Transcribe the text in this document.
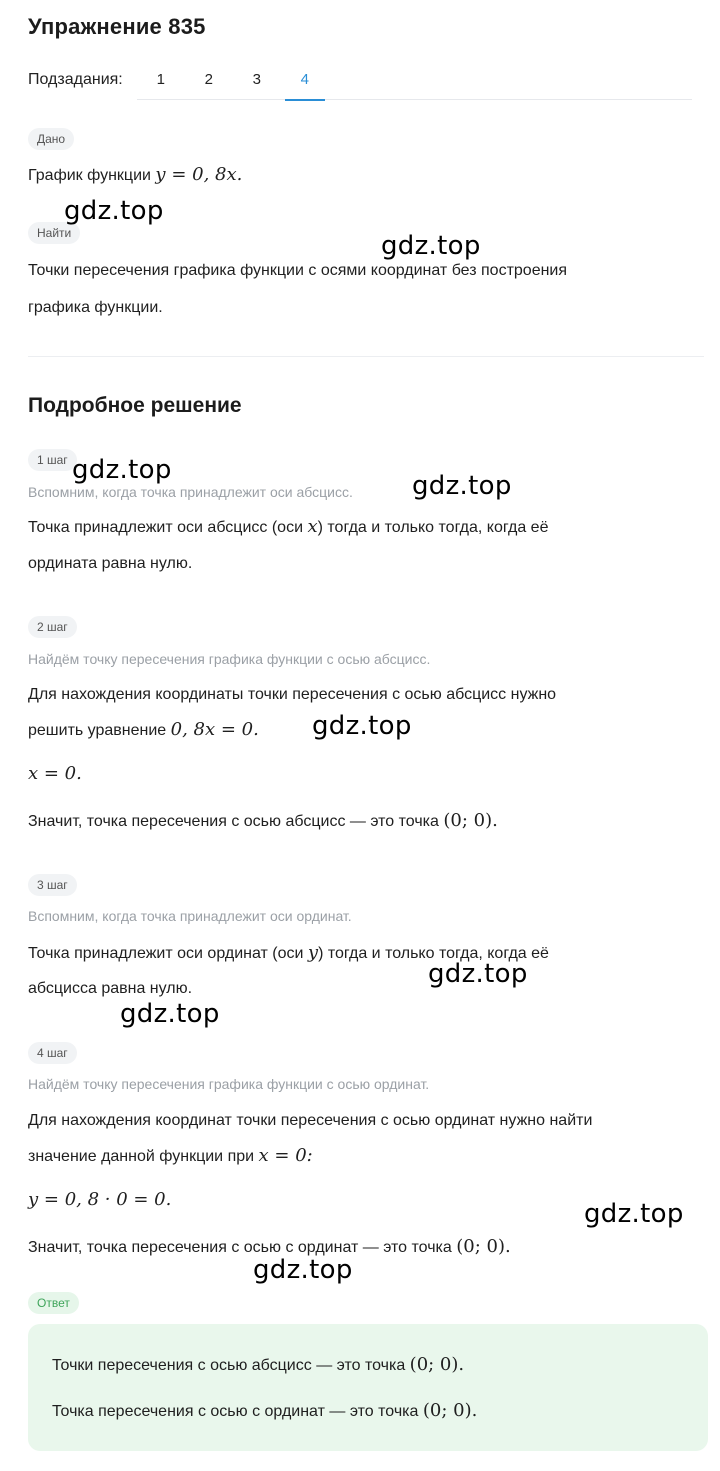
Упражнение 835
Подзадания:	1	2	3	4
Дано
График функции y = 0, 8x.
Найти
Точки пересечения графика функции с осями координат без построения
графика функции.
Подробное решение
1 шаг
Вспомним, когда точка принадлежит оси абсцисс.
Точка принадлежит оси абсцисс (оси x) тогда и только тогда, когда её
ордината равна нулю.
2 шаг
Найдём точку пересечения графика функции с осью абсцисс.
Для нахождения координаты точки пересечения с осью абсцисс нужно
решить уравнение 0, 8x = 0.
x = 0.
Значит, точка пересечения с осью абсцисс — это точка (0; 0).
3 шаг
Вспомним, когда точка принадлежит оси ординат.
Точка принадлежит оси ординат (оси y) тогда и только тогда, когда её
абсцисса равна нулю.
4 шаг
Найдём точку пересечения графика функции с осью ординат.
Для нахождения координат точки пересечения с осью ординат нужно найти
значение данной функции при x = 0:
y = 0, 8 · 0 = 0.
Значит, точка пересечения с осью с ординат — это точка (0; 0).
Ответ
Точки пересечения с осью абсцисс — это точка (0; 0).
Точка пересечения с осью с ординат — это точка (0; 0).
gdz.top
gdz.top
gdz.top
gdz.top
gdz.top
gdz.top
gdz.top
gdz.top
gdz.top
